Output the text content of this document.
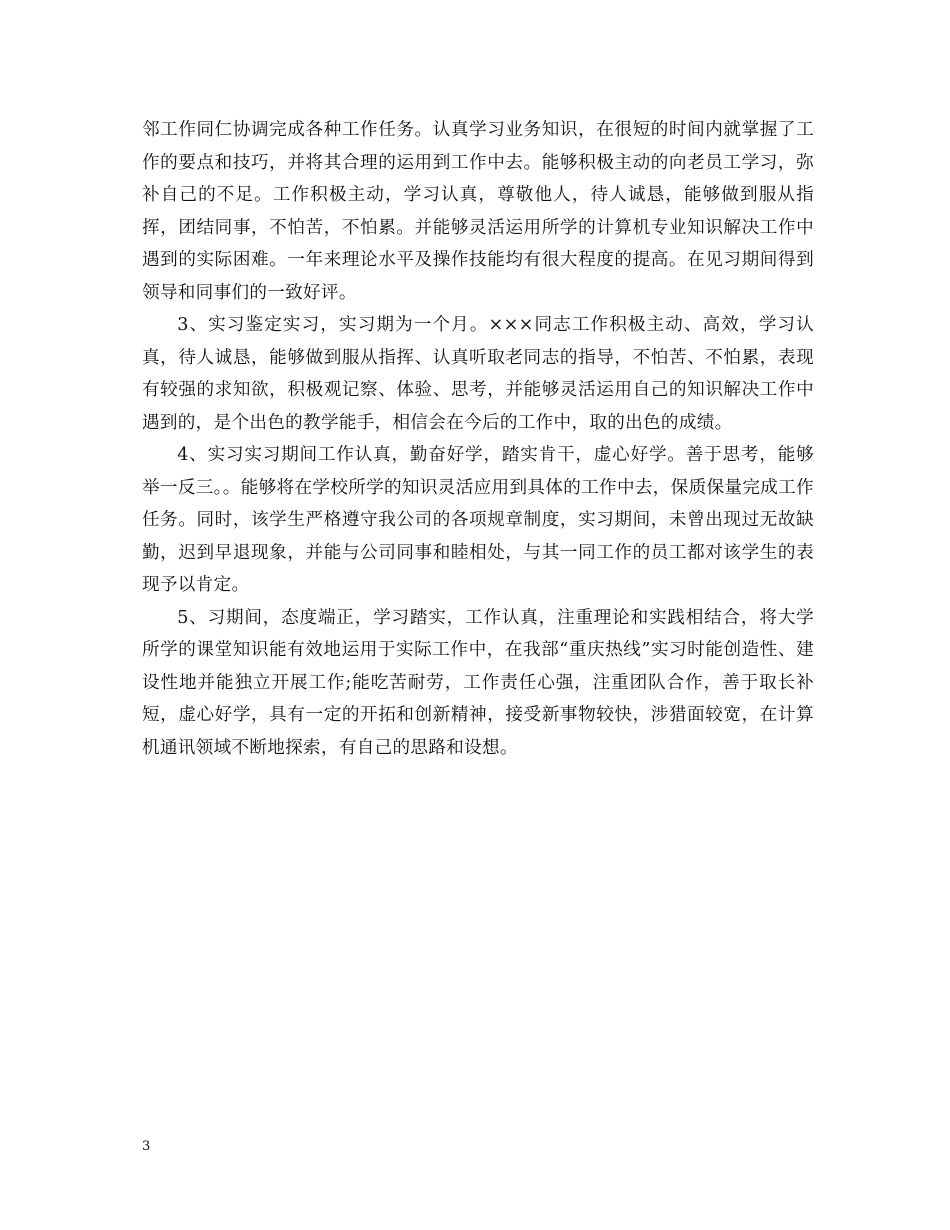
邻工作同仁协调完成各种工作任务。认真学习业务知识，在很短的时间内就掌握了工作的要点和技巧，并将其合理的运用到工作中去。能够积极主动的向老员工学习，弥补自己的不足。工作积极主动，学习认真，尊敬他人，待人诚恳，能够做到服从指挥，团结同事，不怕苦，不怕累。并能够灵活运用所学的计算机专业知识解决工作中遇到的实际困难。一年来理论水平及操作技能均有很大程度的提高。在见习期间得到领导和同事们的一致好评。

3、实习鉴定实习，实习期为一个月。×××同志工作积极主动、高效，学习认真，待人诚恳，能够做到服从指挥、认真听取老同志的指导，不怕苦、不怕累，表现有较强的求知欲，积极观记察、体验、思考，并能够灵活运用自己的知识解决工作中遇到的，是个出色的教学能手，相信会在今后的工作中，取的出色的成绩。

4、实习实习期间工作认真，勤奋好学，踏实肯干，虚心好学。善于思考，能够举一反三。。能够将在学校所学的知识灵活应用到具体的工作中去，保质保量完成工作任务。同时，该学生严格遵守我公司的各项规章制度，实习期间，未曾出现过无故缺勤，迟到早退现象，并能与公司同事和睦相处，与其一同工作的员工都对该学生的表现予以肯定。

5、习期间，态度端正，学习踏实，工作认真，注重理论和实践相结合，将大学所学的课堂知识能有效地运用于实际工作中，在我部“重庆热线”实习时能创造性、建设性地并能独立开展工作;能吃苦耐劳，工作责任心强，注重团队合作，善于取长补短，虚心好学，具有一定的开拓和创新精神，接受新事物较快，涉猎面较宽，在计算机通讯领域不断地探索，有自己的思路和设想。

3
